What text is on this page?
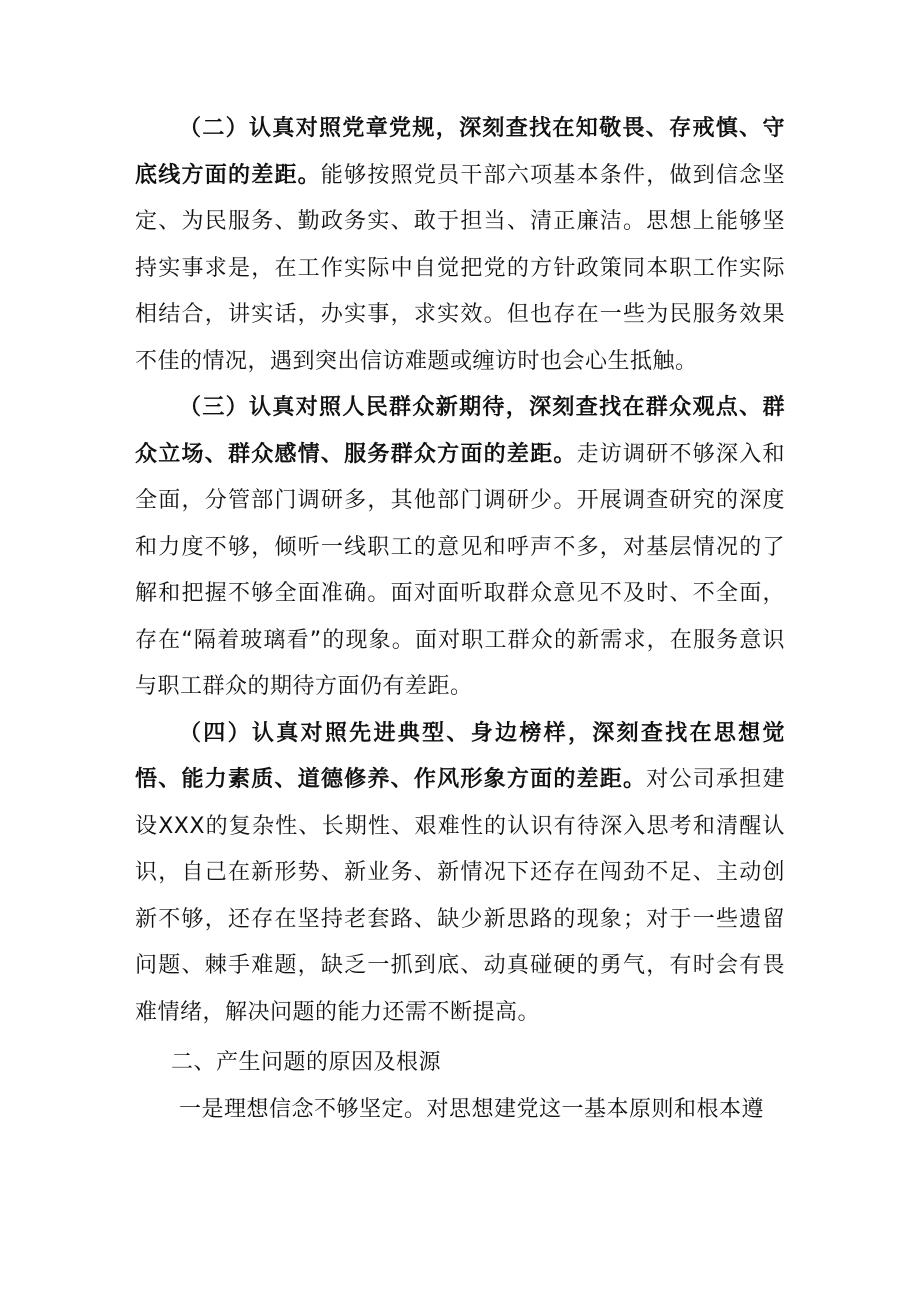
（二）认真对照党章党规，深刻查找在知敬畏、存戒慎、守底线方面的差距。能够按照党员干部六项基本条件，做到信念坚定、为民服务、勤政务实、敢于担当、清正廉洁。思想上能够坚持实事求是，在工作实际中自觉把党的方针政策同本职工作实际相结合，讲实话，办实事，求实效。但也存在一些为民服务效果不佳的情况，遇到突出信访难题或缠访时也会心生抵触。

（三）认真对照人民群众新期待，深刻查找在群众观点、群众立场、群众感情、服务群众方面的差距。走访调研不够深入和全面，分管部门调研多，其他部门调研少。开展调查研究的深度和力度不够，倾听一线职工的意见和呼声不多，对基层情况的了解和把握不够全面准确。面对面听取群众意见不及时、不全面，存在“隔着玻璃看”的现象。面对职工群众的新需求，在服务意识与职工群众的期待方面仍有差距。

（四）认真对照先进典型、身边榜样，深刻查找在思想觉悟、能力素质、道德修养、作风形象方面的差距。对公司承担建设XXX的复杂性、长期性、艰难性的认识有待深入思考和清醒认识，自己在新形势、新业务、新情况下还存在闯劲不足、主动创新不够，还存在坚持老套路、缺少新思路的现象；对于一些遗留问题、棘手难题，缺乏一抓到底、动真碰硬的勇气，有时会有畏难情绪，解决问题的能力还需不断提高。

二、产生问题的原因及根源

一是理想信念不够坚定。对思想建党这一基本原则和根本遵
